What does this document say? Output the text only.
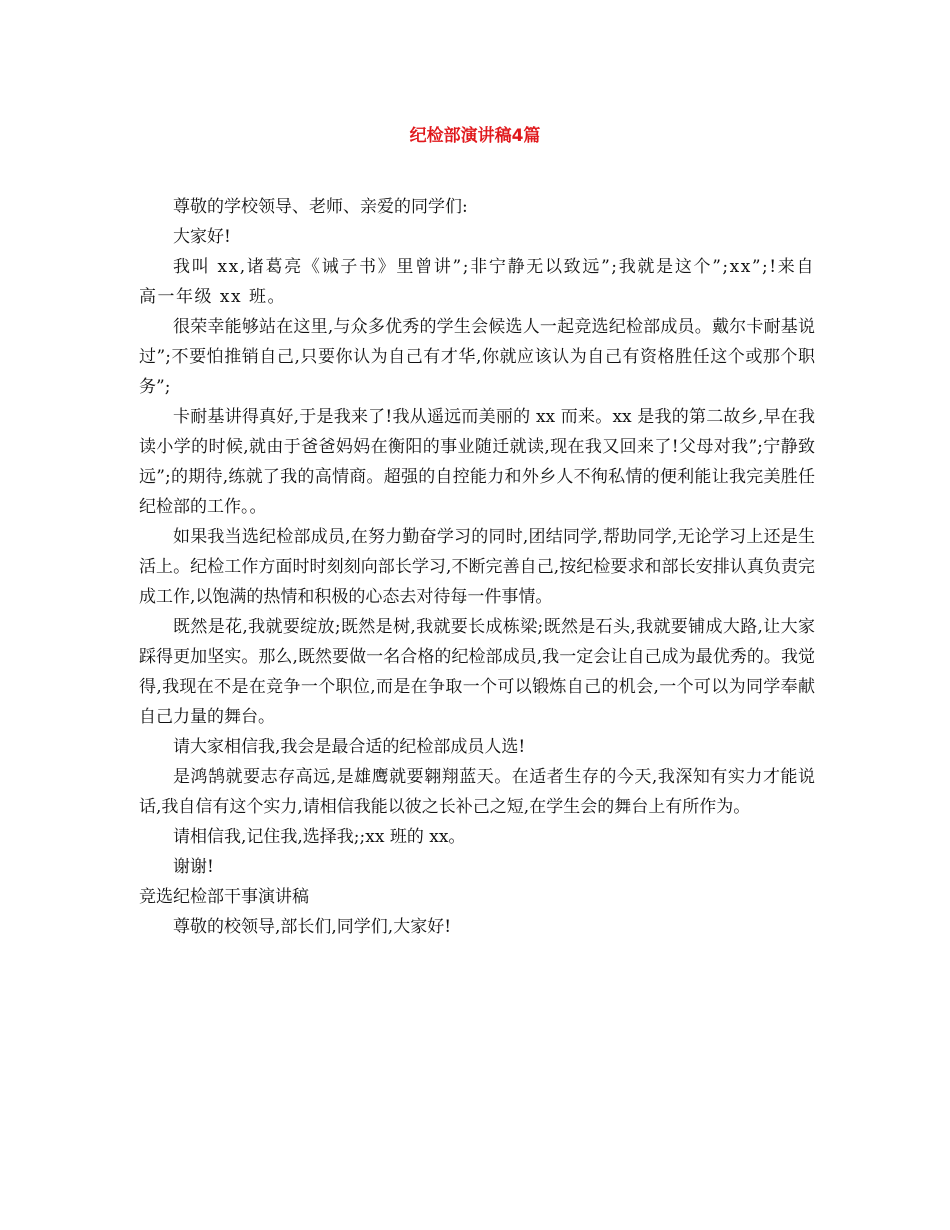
纪检部演讲稿4篇

尊敬的学校领导、老师、亲爱的同学们:

大家好!

我叫 xx,诸葛亮《诫子书》里曾讲”;非宁静无以致远”;我就是这个”;xx”;!来自高一年级 xx 班。

很荣幸能够站在这里,与众多优秀的学生会候选人一起竞选纪检部成员。戴尔卡耐基说过”;不要怕推销自己,只要你认为自己有才华,你就应该认为自己有资格胜任这个或那个职务”;

卡耐基讲得真好,于是我来了!我从遥远而美丽的 xx 而来。xx 是我的第二故乡,早在我读小学的时候,就由于爸爸妈妈在衡阳的事业随迁就读,现在我又回来了!父母对我”;宁静致远”;的期待,练就了我的高情商。超强的自控能力和外乡人不徇私情的便利能让我完美胜任纪检部的工作。。

如果我当选纪检部成员,在努力勤奋学习的同时,团结同学,帮助同学,无论学习上还是生活上。纪检工作方面时时刻刻向部长学习,不断完善自己,按纪检要求和部长安排认真负责完成工作,以饱满的热情和积极的心态去对待每一件事情。

既然是花,我就要绽放;既然是树,我就要长成栋梁;既然是石头,我就要铺成大路,让大家踩得更加坚实。那么,既然要做一名合格的纪检部成员,我一定会让自己成为最优秀的。我觉得,我现在不是在竞争一个职位,而是在争取一个可以锻炼自己的机会,一个可以为同学奉献自己力量的舞台。

请大家相信我,我会是最合适的纪检部成员人选!

是鸿鹄就要志存高远,是雄鹰就要翱翔蓝天。在适者生存的今天,我深知有实力才能说话,我自信有这个实力,请相信我能以彼之长补己之短,在学生会的舞台上有所作为。

请相信我,记住我,选择我;;xx 班的 xx。

谢谢!

竞选纪检部干事演讲稿

尊敬的校领导,部长们,同学们,大家好!
